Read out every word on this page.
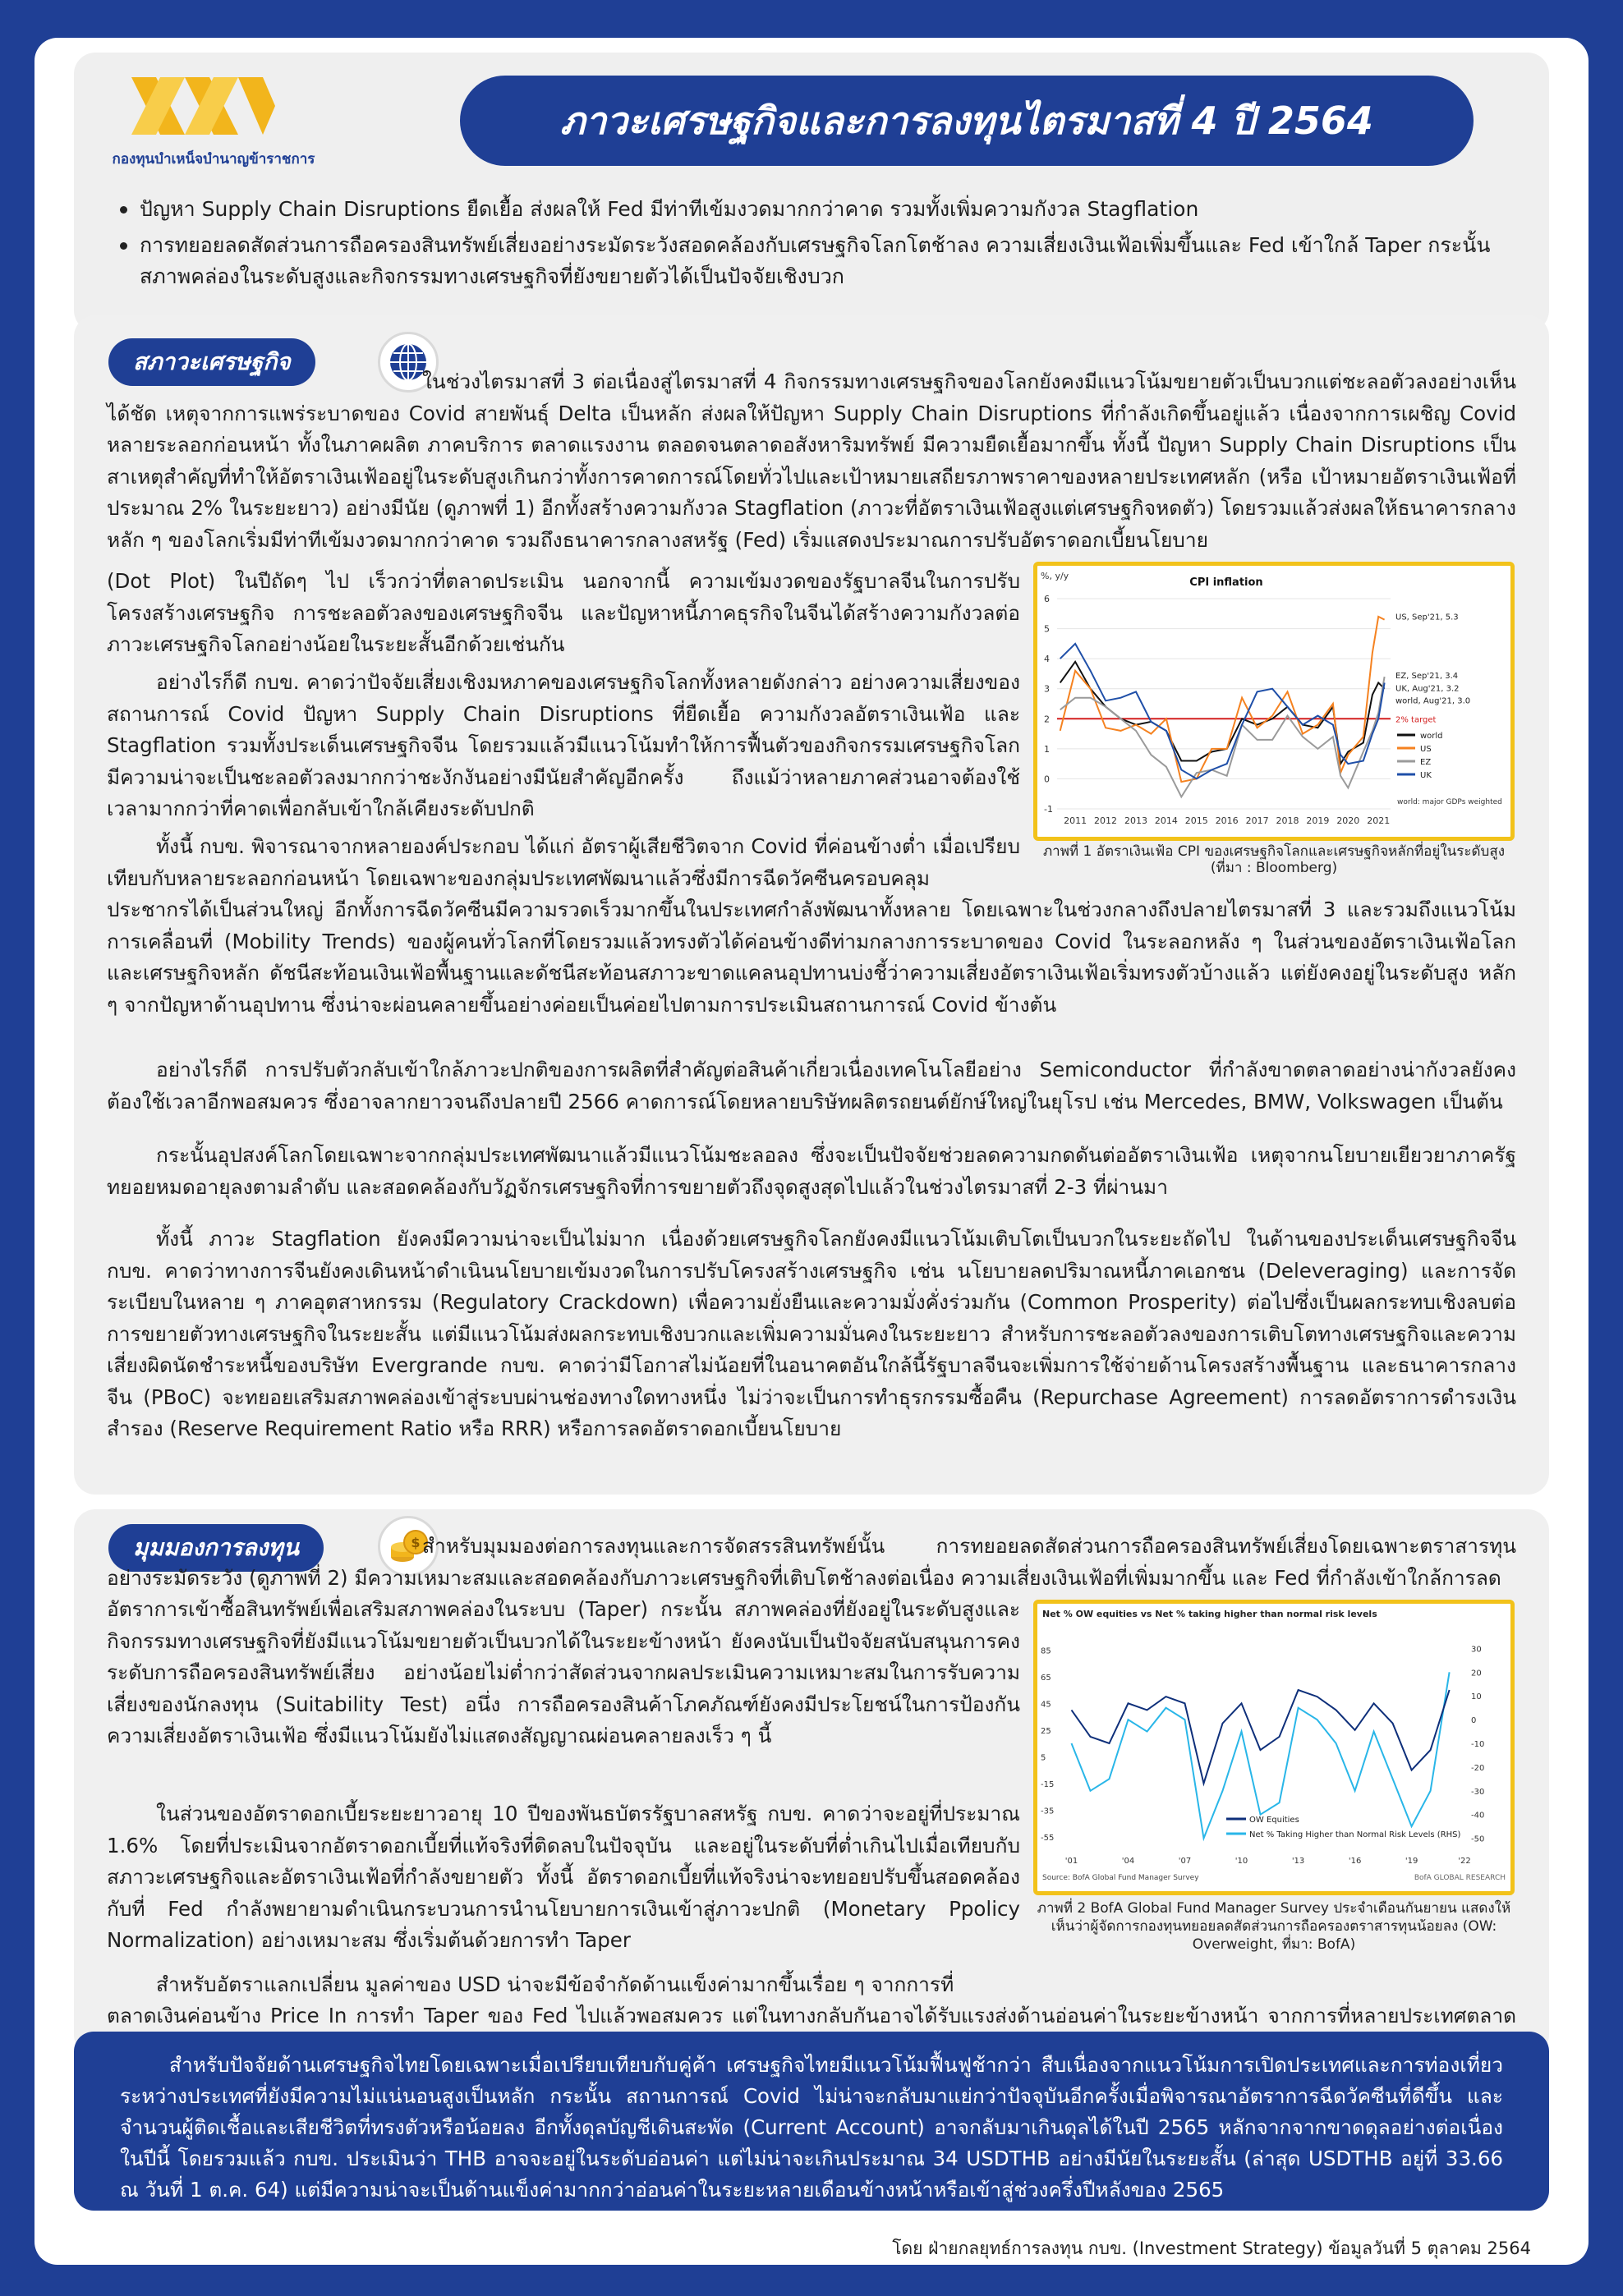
กองทุนบำเหน็จบำนาญข้าราชการ
ภาวะเศรษฐกิจและการลงทุนไตรมาสที่ 4 ปี 2564
ปัญหา Supply Chain Disruptions ยืดเยื้อ ส่งผลให้ Fed มีท่าทีเข้มงวดมากกว่าคาด รวมทั้งเพิ่มความกังวล Stagflation
การทยอยลดสัดส่วนการถือครองสินทรัพย์เสี่ยงอย่างระมัดระวังสอดคล้องกับเศรษฐกิจโลกโตช้าลง ความเสี่ยงเงินเฟ้อเพิ่มขึ้นและ Fed เข้าใกล้ Taper กระนั้น สภาพคล่องในระดับสูงและกิจกรรมทางเศรษฐกิจที่ยังขยายตัวได้เป็นปัจจัยเชิงบวก
สภาวะเศรษฐกิจ
ในช่วงไตรมาสที่ 3 ต่อเนื่องสู่ไตรมาสที่ 4 กิจกรรมทางเศรษฐกิจของโลกยังคงมีแนวโน้มขยายตัวเป็นบวกแต่ชะลอตัวลงอย่างเห็นได้ชัด เหตุจากการแพร่ระบาดของ Covid สายพันธุ์ Delta เป็นหลัก ส่งผลให้ปัญหา Supply Chain Disruptions ที่กำลังเกิดขึ้นอยู่แล้ว เนื่องจากการเผชิญ Covid หลายระลอกก่อนหน้า ทั้งในภาคผลิต ภาคบริการ ตลาดแรงงาน ตลอดจนตลาดอสังหาริมทรัพย์ มีความยืดเยื้อมากขึ้น ทั้งนี้ ปัญหา Supply Chain Disruptions เป็นสาเหตุสำคัญที่ทำให้อัตราเงินเฟ้ออยู่ในระดับสูงเกินกว่าทั้งการคาดการณ์โดยทั่วไปและเป้าหมายเสถียรภาพราคาของหลายประเทศหลัก (หรือ เป้าหมายอัตราเงินเฟ้อที่ประมาณ 2% ในระยะยาว) อย่างมีนัย (ดูภาพที่ 1) อีกทั้งสร้างความกังวล Stagflation (ภาวะที่อัตราเงินเฟ้อสูงแต่เศรษฐกิจหดตัว) โดยรวมแล้วส่งผลให้ธนาคารกลางหลัก ๆ ของโลกเริ่มมีท่าทีเข้มงวดมากกว่าคาด รวมถึงธนาคารกลางสหรัฐ (Fed) เริ่มแสดงประมาณการปรับอัตราดอกเบี้ยนโยบาย
(Dot Plot) ในปีถัดๆ ไป เร็วกว่าที่ตลาดประเมิน นอกจากนี้ ความเข้มงวดของรัฐบาลจีนในการปรับโครงสร้างเศรษฐกิจ การชะลอตัวลงของเศรษฐกิจจีน และปัญหาหนี้ภาคธุรกิจในจีนได้สร้างความกังวลต่อภาวะเศรษฐกิจโลกอย่างน้อยในระยะสั้นอีกด้วยเช่นกัน
อย่างไรก็ดี กบข. คาดว่าปัจจัยเสี่ยงเชิงมหภาคของเศรษฐกิจโลกทั้งหลายดังกล่าว อย่างความเสี่ยงของสถานการณ์ Covid ปัญหา Supply Chain Disruptions ที่ยืดเยื้อ ความกังวลอัตราเงินเฟ้อ และ Stagflation รวมทั้งประเด็นเศรษฐกิจจีน โดยรวมแล้วมีแนวโน้มทำให้การฟื้นตัวของกิจกรรมเศรษฐกิจโลกมีความน่าจะเป็นชะลอตัวลงมากกว่าชะงักงันอย่างมีนัยสำคัญอีกครั้ง ถึงแม้ว่าหลายภาคส่วนอาจต้องใช้เวลามากกว่าที่คาดเพื่อกลับเข้าใกล้เคียงระดับปกติ
ทั้งนี้ กบข. พิจารณาจากหลายองค์ประกอบ ได้แก่ อัตราผู้เสียชีวิตจาก Covid ที่ค่อนข้างต่ำ เมื่อเปรียบเทียบกับหลายระลอกก่อนหน้า โดยเฉพาะของกลุ่มประเทศพัฒนาแล้วซึ่งมีการฉีดวัคซีนครอบคลุม
ประชากรได้เป็นส่วนใหญ่ อีกทั้งการฉีดวัคซีนมีความรวดเร็วมากขึ้นในประเทศกำลังพัฒนาทั้งหลาย โดยเฉพาะในช่วงกลางถึงปลายไตรมาสที่ 3 และรวมถึงแนวโน้มการเคลื่อนที่ (Mobility Trends) ของผู้คนทั่วโลกที่โดยรวมแล้วทรงตัวได้ค่อนข้างดีท่ามกลางการระบาดของ Covid ในระลอกหลัง ๆ ในส่วนของอัตราเงินเฟ้อโลกและเศรษฐกิจหลัก ดัชนีสะท้อนเงินเฟ้อพื้นฐานและดัชนีสะท้อนสภาวะขาดแคลนอุปทานบ่งชี้ว่าความเสี่ยงอัตราเงินเฟ้อเริ่มทรงตัวบ้างแล้ว แต่ยังคงอยู่ในระดับสูง หลัก ๆ จากปัญหาด้านอุปทาน ซึ่งน่าจะผ่อนคลายขึ้นอย่างค่อยเป็นค่อยไปตามการประเมินสถานการณ์ Covid ข้างต้น
อย่างไรก็ดี การปรับตัวกลับเข้าใกล้ภาวะปกติของการผลิตที่สำคัญต่อสินค้าเกี่ยวเนื่องเทคโนโลยีอย่าง Semiconductor ที่กำลังขาดตลาดอย่างน่ากังวลยังคงต้องใช้เวลาอีกพอสมควร ซึ่งอาจลากยาวจนถึงปลายปี 2566 คาดการณ์โดยหลายบริษัทผลิตรถยนต์ยักษ์ใหญ่ในยุโรป เช่น Mercedes, BMW, Volkswagen เป็นต้น
กระนั้นอุปสงค์โลกโดยเฉพาะจากกลุ่มประเทศพัฒนาแล้วมีแนวโน้มชะลอลง ซึ่งจะเป็นปัจจัยช่วยลดความกดดันต่ออัตราเงินเฟ้อ เหตุจากนโยบายเยียวยาภาครัฐทยอยหมดอายุลงตามลำดับ และสอดคล้องกับวัฏจักรเศรษฐกิจที่การขยายตัวถึงจุดสูงสุดไปแล้วในช่วงไตรมาสที่ 2-3 ที่ผ่านมา
ทั้งนี้ ภาวะ Stagflation ยังคงมีความน่าจะเป็นไม่มาก เนื่องด้วยเศรษฐกิจโลกยังคงมีแนวโน้มเติบโตเป็นบวกในระยะถัดไป ในด้านของประเด็นเศรษฐกิจจีน กบข. คาดว่าทางการจีนยังคงเดินหน้าดำเนินนโยบายเข้มงวดในการปรับโครงสร้างเศรษฐกิจ เช่น นโยบายลดปริมาณหนี้ภาคเอกชน (Deleveraging) และการจัดระเบียบในหลาย ๆ ภาคอุตสาหกรรม (Regulatory Crackdown) เพื่อความยั่งยืนและความมั่งคั่งร่วมกัน (Common Prosperity) ต่อไปซึ่งเป็นผลกระทบเชิงลบต่อการขยายตัวทางเศรษฐกิจในระยะสั้น แต่มีแนวโน้มส่งผลกระทบเชิงบวกและเพิ่มความมั่นคงในระยะยาว สำหรับการชะลอตัวลงของการเติบโตทางเศรษฐกิจและความเสี่ยงผิดนัดชำระหนี้ของบริษัท Evergrande กบข. คาดว่ามีโอกาสไม่น้อยที่ในอนาคตอันใกล้นี้รัฐบาลจีนจะเพิ่มการใช้จ่ายด้านโครงสร้างพื้นฐาน และธนาคารกลางจีน (PBoC) จะทยอยเสริมสภาพคล่องเข้าสู่ระบบผ่านช่องทางใดทางหนึ่ง ไม่ว่าจะเป็นการทำธุรกรรมซื้อคืน (Repurchase Agreement) การลดอัตราการดำรงเงินสำรอง (Reserve Requirement Ratio หรือ RRR) หรือการลดอัตราดอกเบี้ยนโยบาย
%, y/y
CPI inflation
-1
0
1
2
3
4
5
6
2011 2012 2013 2014 2015 2016 2017 2018 2019 2020 2021
2% target
US, Sep'21, 5.3
EZ, Sep'21, 3.4
UK, Aug'21, 3.2
world, Aug'21, 3.0
world
US
EZ
UK
world: major GDPs weighted
ภาพที่ 1 อัตราเงินเฟ้อ CPI ของเศรษฐกิจโลกและเศรษฐกิจหลักที่อยู่ในระดับสูง
(ที่มา : Bloomberg)
มุมมองการลงทุน	$ สำหรับมุมมองต่อการลงทุนและการจัดสรรสินทรัพย์นั้น การทยอยลดสัดส่วนการถือครองสินทรัพย์เสี่ยงโดยเฉพาะตราสารทุนอย่างระมัดระวัง (ดูภาพที่ 2) มีความเหมาะสมและสอดคล้องกับภาวะเศรษฐกิจที่เติบโตช้าลงต่อเนื่อง ความเสี่ยงเงินเฟ้อที่เพิ่มมากขึ้น และ Fed ที่กำลังเข้าใกล้การลด
อัตราการเข้าซื้อสินทรัพย์เพื่อเสริมสภาพคล่องในระบบ (Taper) กระนั้น สภาพคล่องที่ยังอยู่ในระดับสูงและกิจกรรมทางเศรษฐกิจที่ยังมีแนวโน้มขยายตัวเป็นบวกได้ในระยะข้างหน้า ยังคงนับเป็นปัจจัยสนับสนุนการคงระดับการถือครองสินทรัพย์เสี่ยง อย่างน้อยไม่ต่ำกว่าสัดส่วนจากผลประเมินความเหมาะสมในการรับความเสี่ยงของนักลงทุน (Suitability Test) อนึ่ง การถือครองสินค้าโภคภัณฑ์ยังคงมีประโยชน์ในการป้องกันความเสี่ยงอัตราเงินเฟ้อ ซึ่งมีแนวโน้มยังไม่แสดงสัญญาณผ่อนคลายลงเร็ว ๆ นี้
ในส่วนของอัตราดอกเบี้ยระยะยาวอายุ 10 ปีของพันธบัตรรัฐบาลสหรัฐ กบข. คาดว่าจะอยู่ที่ประมาณ 1.6% โดยที่ประเมินจากอัตราดอกเบี้ยที่แท้จริงที่ติดลบในปัจจุบัน และอยู่ในระดับที่ต่ำเกินไปเมื่อเทียบกับสภาวะเศรษฐกิจและอัตราเงินเฟ้อที่กำลังขยายตัว ทั้งนี้ อัตราดอกเบี้ยที่แท้จริงน่าจะทยอยปรับขึ้นสอดคล้องกับที่ Fed กำลังพยายามดำเนินกระบวนการนำนโยบายการเงินเข้าสู่ภาวะปกติ (Monetary Ppolicy Normalization) อย่างเหมาะสม ซึ่งเริ่มต้นด้วยการทำ Taper
สำหรับอัตราแลกเปลี่ยน มูลค่าของ USD น่าจะมีข้อจำกัดด้านแข็งค่ามากขึ้นเรื่อย ๆ จากการที่
ตลาดเงินค่อนข้าง Price In การทำ Taper ของ Fed ไปแล้วพอสมควร แต่ในทางกลับกันอาจได้รับแรงส่งด้านอ่อนค่าในระยะข้างหน้า จากการที่หลายประเทศตลาด
Net % OW equities vs Net % taking higher than normal risk levels
85
65
45
25
5
-15
-35
-55
30
20
10
0
-10
-20
-30
-40
-50
'01	'04	'07	'10	'13	'16	'19	'22
OW Equities
Net % Taking Higher than Normal Risk Levels (RHS)
Source: BofA Global Fund Manager Survey	BofA GLOBAL RESEARCH
ภาพที่ 2 BofA Global Fund Manager Survey ประจำเดือนกันยายน แสดงให้เห็นว่าผู้จัดการกองทุนทยอยลดสัดส่วนการถือครองตราสารทุนน้อยลง (OW: Overweight, ที่มา: BofA)
สำหรับปัจจัยด้านเศรษฐกิจไทยโดยเฉพาะเมื่อเปรียบเทียบกับคู่ค้า เศรษฐกิจไทยมีแนวโน้มฟื้นฟูช้ากว่า สืบเนื่องจากแนวโน้มการเปิดประเทศและการท่องเที่ยวระหว่างประเทศที่ยังมีความไม่แน่นอนสูงเป็นหลัก กระนั้น สถานการณ์ Covid ไม่น่าจะกลับมาแย่กว่าปัจจุบันอีกครั้งเมื่อพิจารณาอัตราการฉีดวัคซีนที่ดีขึ้น และจำนวนผู้ติดเชื้อและเสียชีวิตที่ทรงตัวหรือน้อยลง อีกทั้งดุลบัญชีเดินสะพัด (Current Account) อาจกลับมาเกินดุลได้ในปี 2565 หลักจากจากขาดดุลอย่างต่อเนื่องในปีนี้ โดยรวมแล้ว กบข. ประเมินว่า THB อาจจะอยู่ในระดับอ่อนค่า แต่ไม่น่าจะเกินประมาณ 34 USDTHB อย่างมีนัยในระยะสั้น (ล่าสุด USDTHB อยู่ที่ 33.66 ณ วันที่ 1 ต.ค. 64) แต่มีความน่าจะเป็นด้านแข็งค่ามากกว่าอ่อนค่าในระยะหลายเดือนข้างหน้าหรือเข้าสู่ช่วงครึ่งปีหลังของ 2565
โดย ฝ่ายกลยุทธ์การลงทุน กบข. (Investment Strategy) ข้อมูลวันที่ 5 ตุลาคม 2564
